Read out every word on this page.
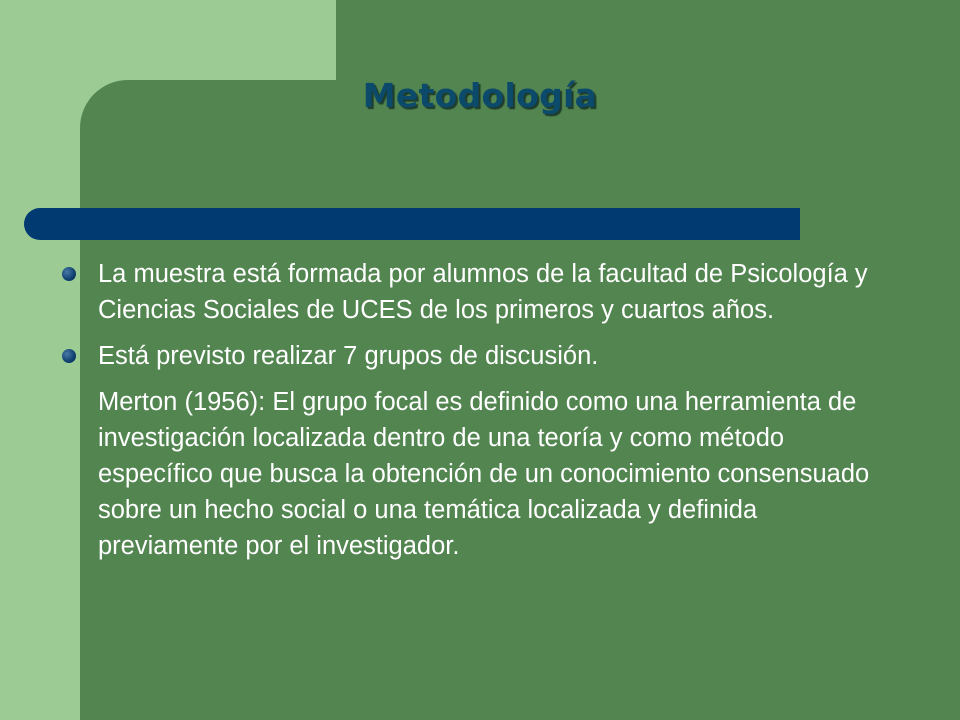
Metodología
La muestra está formada por alumnos de la facultad de Psicología y Ciencias Sociales de UCES de los primeros y cuartos años.
Está previsto realizar 7 grupos de discusión.
Merton (1956): El grupo focal es definido como una herramienta de investigación localizada dentro de una teoría y como método específico que busca la obtención de un conocimiento consensuado sobre un hecho social o una temática localizada y definida previamente por el investigador.
